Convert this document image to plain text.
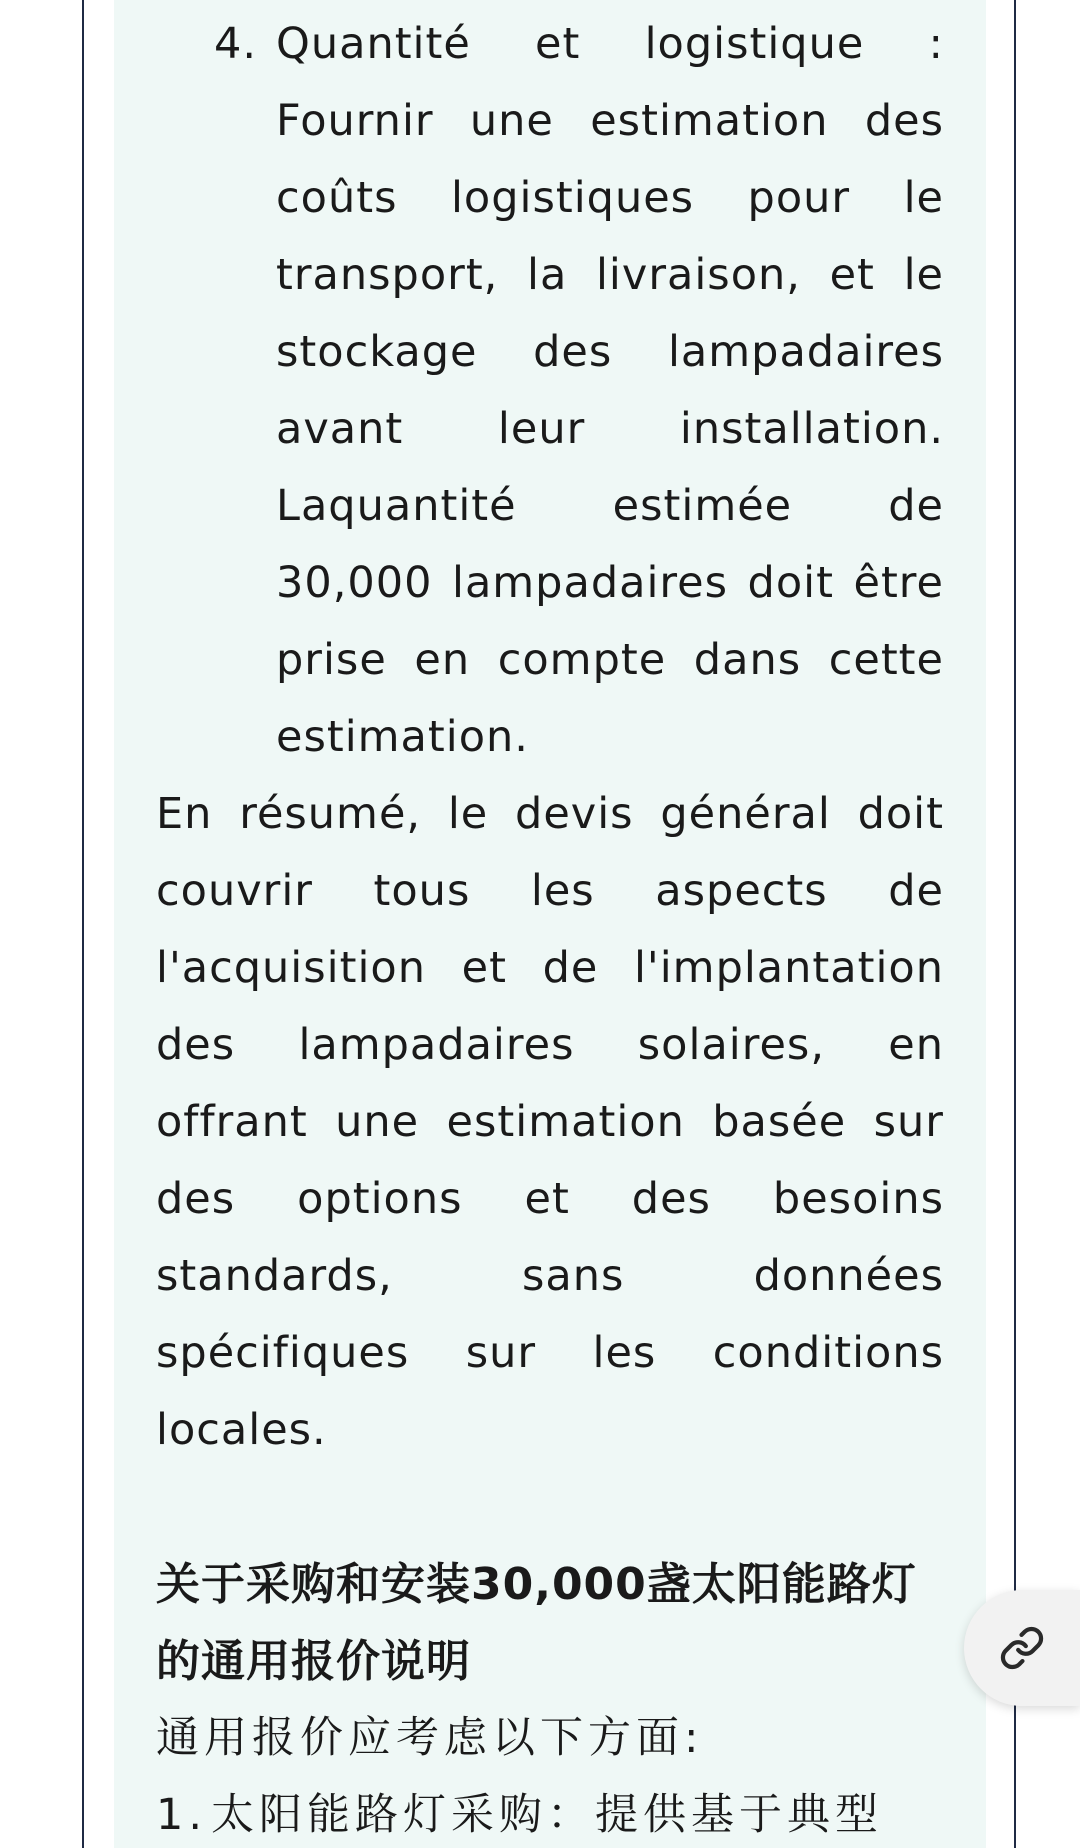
4. Quantité et logistique : Fournir une estimation des coûts logistiques pour le transport, la livraison, et le stockage des lampadaires avant leur installation. Laquantité estimée de 30,000 lampadaires doit être prise en compte dans cette estimation.
En résumé, le devis général doit couvrir tous les aspects de l'acquisition et de l'implantation des lampadaires solaires, en offrant une estimation basée sur des options et des besoins standards, sans données spécifiques sur les conditions locales.
关于采购和安装30,000盏太阳能路灯的通用报价说明
通用报价应考虑以下方面:
1. 太阳能路灯采购：提供基于典型
